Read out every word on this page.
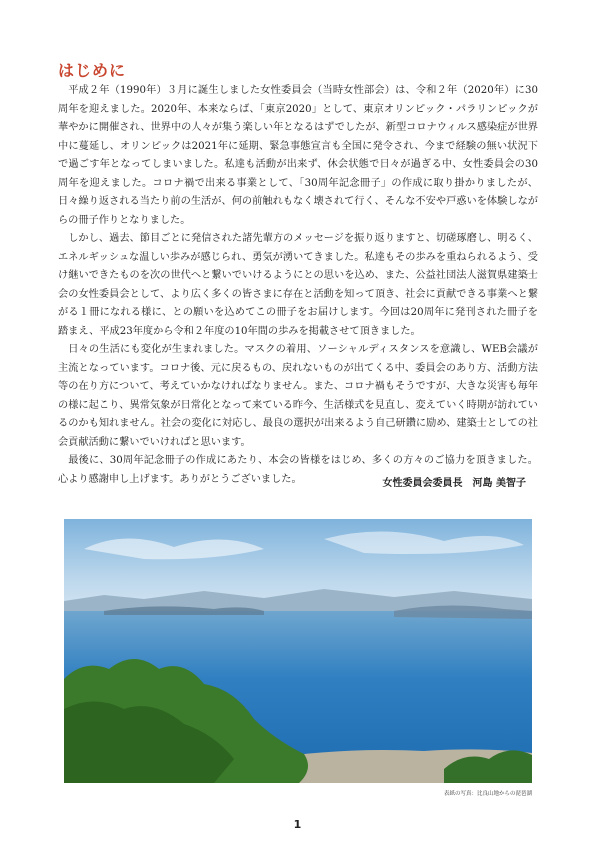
はじめに

平成２年（1990年）３月に誕生しました女性委員会（当時女性部会）は、令和２年（2020年）に30周年を迎えました。2020年、本来ならば、「東京2020」として、東京オリンピック・パラリンピックが華やかに開催され、世界中の人々が集う楽しい年となるはずでしたが、新型コロナウィルス感染症が世界中に蔓延し、オリンピックは2021年に延期、緊急事態宣言も全国に発令され、今まで経験の無い状況下で過ごす年となってしまいました。私達も活動が出来ず、休会状態で日々が過ぎる中、女性委員会の30周年を迎えました。コロナ禍で出来る事業として、「30周年記念冊子」の作成に取り掛かりましたが、日々繰り返される当たり前の生活が、何の前触れもなく壊されて行く、そんな不安や戸惑いを体験しながらの冊子作りとなりました。

しかし、過去、節目ごとに発信された諸先輩方のメッセージを振り返りますと、切磋琢磨し、明るく、エネルギッシュな温しい歩みが感じられ、勇気が湧いてきました。私達もその歩みを重ねられるよう、受け継いできたものを次の世代へと繋いでいけるようにとの思いを込め、また、公益社団法人滋賀県建築士会の女性委員会として、より広く多くの皆さまに存在と活動を知って頂き、社会に貢献できる事業へと繋がる１冊になれる様に、との願いを込めてこの冊子をお届けします。今回は20周年に発刊された冊子を踏まえ、平成23年度から令和２年度の10年間の歩みを掲載させて頂きました。

日々の生活にも変化が生まれました。マスクの着用、ソーシャルディスタンスを意識し、WEB会議が主流となっています。コロナ後、元に戻るもの、戻れないものが出てくる中、委員会のあり方、活動方法等の在り方について、考えていかなければなりません。また、コロナ禍もそうですが、大きな災害も毎年の様に起こり、異常気象が日常化となって来ている昨今、生活様式を見直し、変えていく時期が訪れているのかも知れません。社会の変化に対応し、最良の選択が出来るよう自己研鑽に励め、建築士としての社会貢献活動に繋いでいければと思います。

最後に、30周年記念冊子の作成にあたり、本会の皆様をはじめ、多くの方々のご協力を頂きました。心より感謝申し上げます。ありがとうございました。	女性委員会委員長　河島 美智子
表紙の写真：比良山地からの琵琶湖
1
